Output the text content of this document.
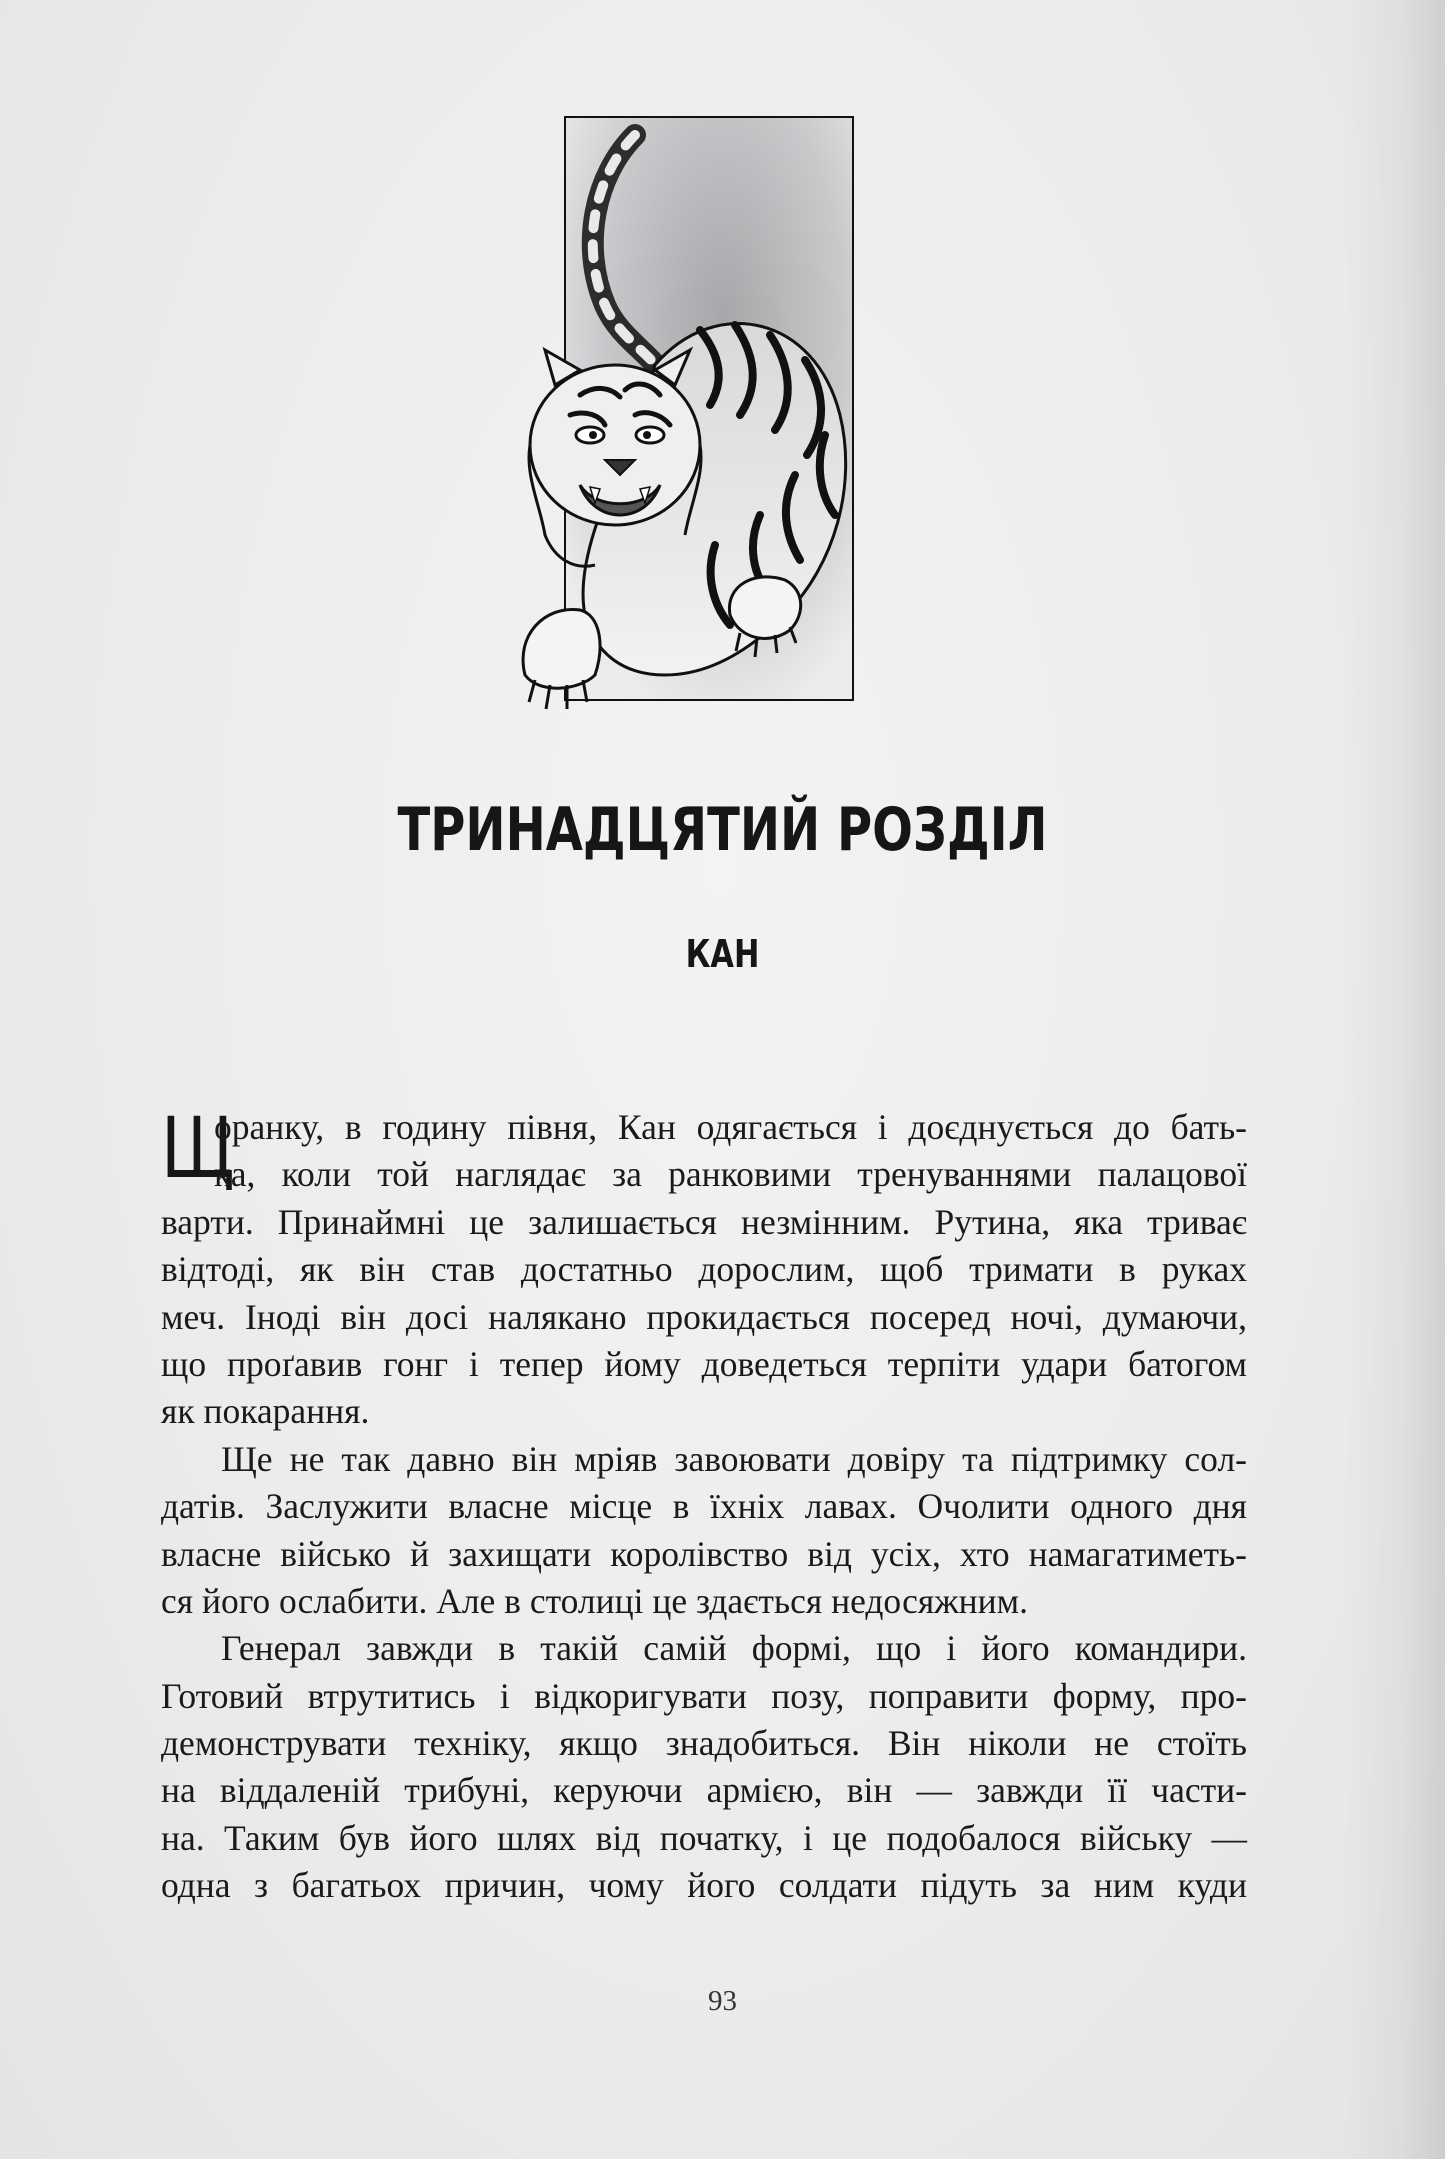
ТРИНАДЦЯТИЙ РОЗДІЛ
КАН
Щ
оранку, в годину півня, Кан одягається і доєднується до бать-
ка, коли той наглядає за ранковими тренуваннями палацової
варти. Принаймні це залишається незмінним. Рутина, яка триває
відтоді, як він став достатньо дорослим, щоб тримати в руках
меч. Іноді він досі налякано прокидається посеред ночі, думаючи,
що проґавив гонг і тепер йому доведеться терпіти удари батогом
як покарання.
Ще не так давно він мріяв завоювати довіру та підтримку сол-
датів. Заслужити власне місце в їхніх лавах. Очолити одного дня
власне військо й захищати королівство від усіх, хто намагатиметь-
ся його ослабити. Але в столиці це здається недосяжним.
Генерал завжди в такій самій формі, що і його командири.
Готовий втрутитись і відкоригувати позу, поправити форму, про-
демонструвати техніку, якщо знадобиться. Він ніколи не стоїть
на віддаленій трибуні, керуючи армією, він — завжди її части-
на. Таким був його шлях від початку, і це подобалося війську —
одна з багатьох причин, чому його солдати підуть за ним куди
93
